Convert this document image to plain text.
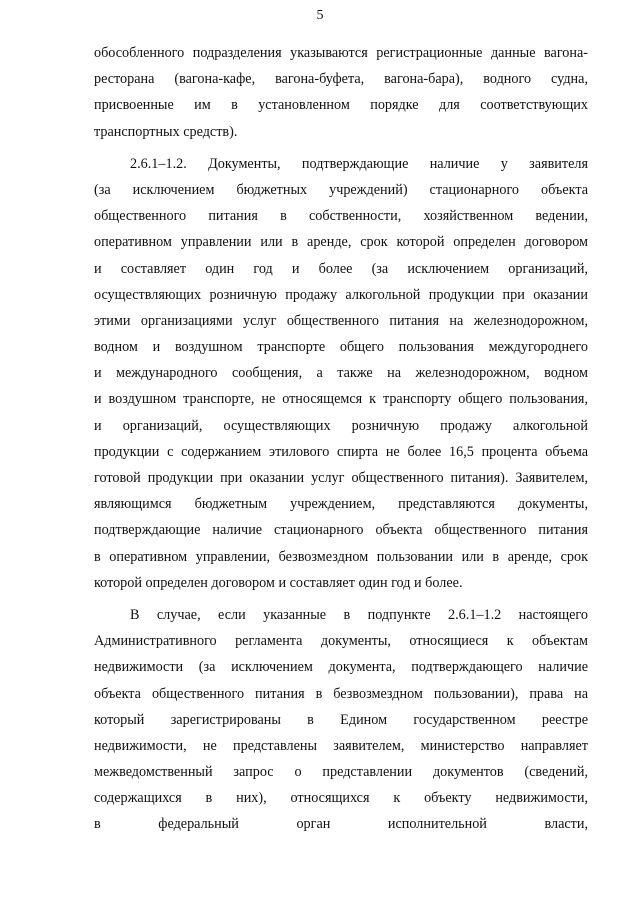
5
обособленного подразделения указываются регистрационные данные вагона-
ресторана (вагона-кафе, вагона-буфета, вагона-бара), водного судна,
присвоенные им в установленном порядке для соответствующих
транспортных средств).
2.6.1–1.2. Документы, подтверждающие наличие у заявителя
(за исключением бюджетных учреждений) стационарного объекта
общественного питания в собственности, хозяйственном ведении,
оперативном управлении или в аренде, срок которой определен договором
и составляет один год и более (за исключением организаций,
осуществляющих розничную продажу алкогольной продукции при оказании
этими организациями услуг общественного питания на железнодорожном,
водном и воздушном транспорте общего пользования междугороднего
и международного сообщения, а также на железнодорожном, водном
и воздушном транспорте, не относящемся к транспорту общего пользования,
и организаций, осуществляющих розничную продажу алкогольной
продукции с содержанием этилового спирта не более 16,5 процента объема
готовой продукции при оказании услуг общественного питания). Заявителем,
являющимся бюджетным учреждением, представляются документы,
подтверждающие наличие стационарного объекта общественного питания
в оперативном управлении, безвозмездном пользовании или в аренде, срок
которой определен договором и составляет один год и более.
В случае, если указанные в подпункте 2.6.1–1.2 настоящего
Административного регламента документы, относящиеся к объектам
недвижимости (за исключением документа, подтверждающего наличие
объекта общественного питания в безвозмездном пользовании), права на
который зарегистрированы в Едином государственном реестре
недвижимости, не представлены заявителем, министерство направляет
межведомственный запрос о представлении документов (сведений,
содержащихся в них), относящихся к объекту недвижимости,
в федеральный орган исполнительной власти,
